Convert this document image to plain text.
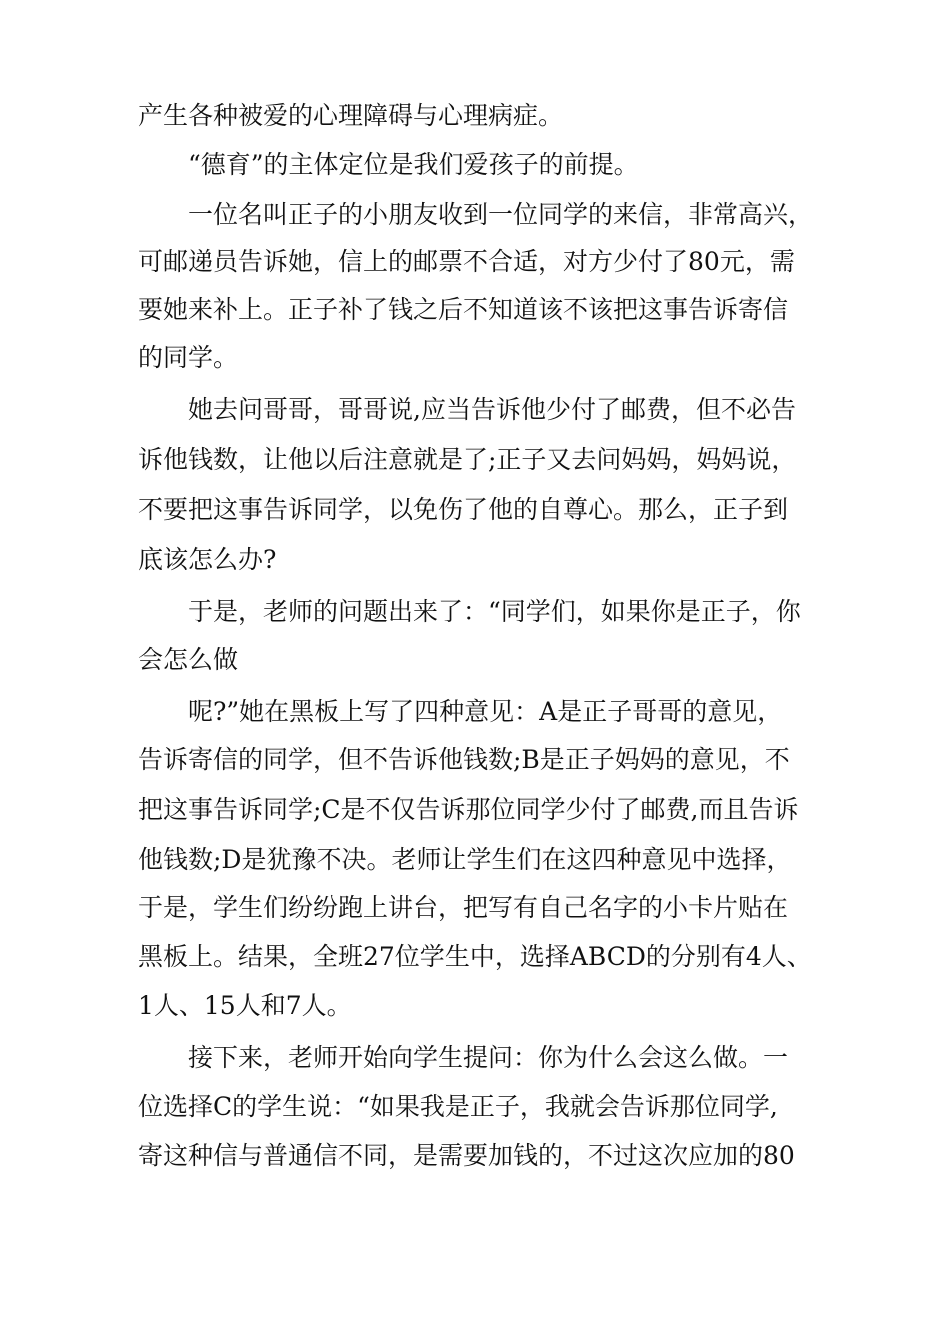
产生各种被爱的心理障碍与心理病症。
“德育”的主体定位是我们爱孩子的前提。
一位名叫正子的小朋友收到一位同学的来信，非常高兴，
可邮递员告诉她，信上的邮票不合适，对方少付了80元，需
要她来补上。正子补了钱之后不知道该不该把这事告诉寄信
的同学。
她去问哥哥，哥哥说,应当告诉他少付了邮费，但不必告
诉他钱数，让他以后注意就是了;正子又去问妈妈，妈妈说，
不要把这事告诉同学，以免伤了他的自尊心。那么，正子到
底该怎么办?
于是，老师的问题出来了：“同学们，如果你是正子，你
会怎么做
呢?”她在黑板上写了四种意见：A是正子哥哥的意见，
告诉寄信的同学，但不告诉他钱数;B是正子妈妈的意见，不
把这事告诉同学;C是不仅告诉那位同学少付了邮费,而且告诉
他钱数;D是犹豫不决。老师让学生们在这四种意见中选择，
于是，学生们纷纷跑上讲台，把写有自己名字的小卡片贴在
黑板上。结果，全班27位学生中，选择ABCD的分别有4人、
1人、15人和7人。
接下来，老师开始向学生提问：你为什么会这么做。一
位选择C的学生说：“如果我是正子，我就会告诉那位同学,
寄这种信与普通信不同，是需要加钱的，不过这次应加的80
